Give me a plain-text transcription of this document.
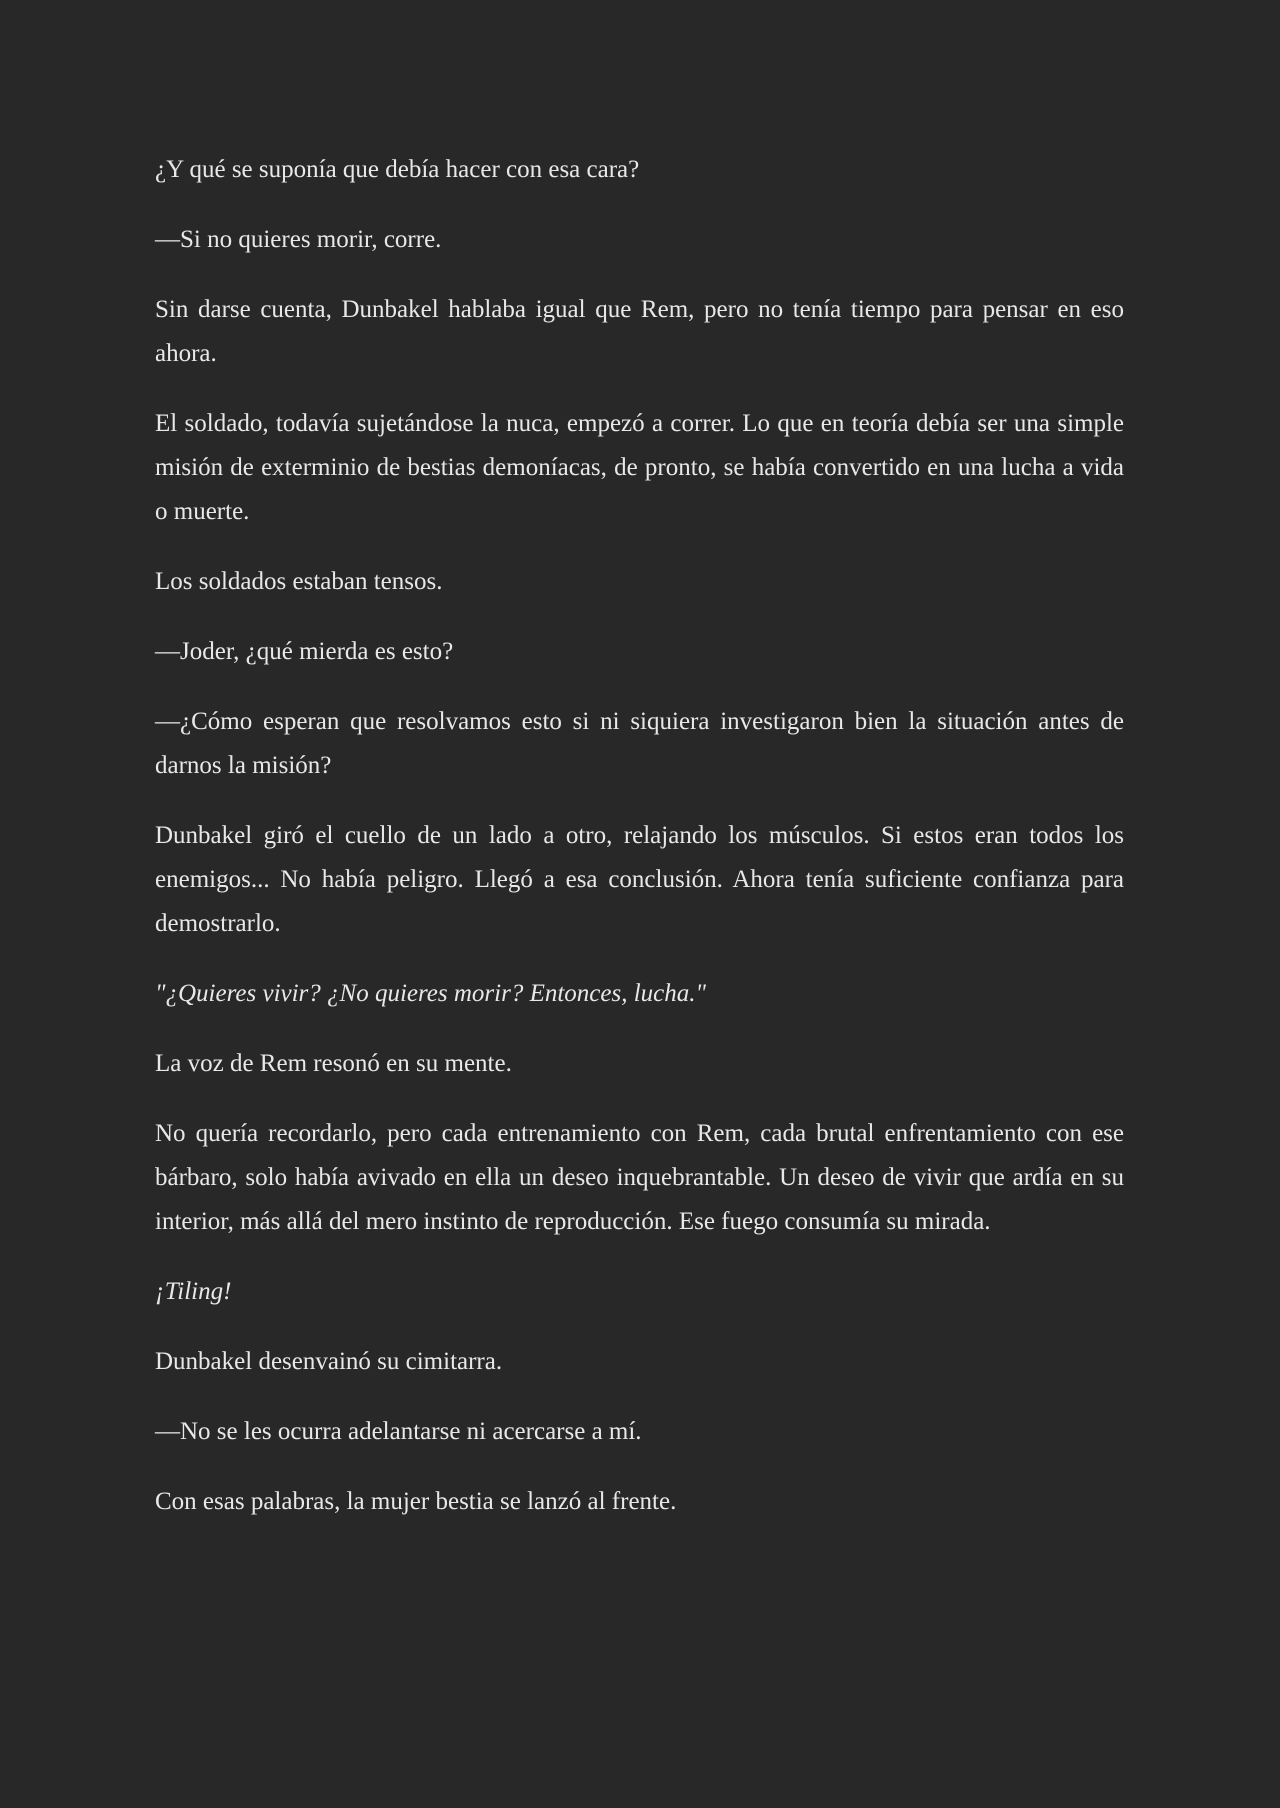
¿Y qué se suponía que debía hacer con esa cara?

—Si no quieres morir, corre.

Sin darse cuenta, Dunbakel hablaba igual que Rem, pero no tenía tiempo para pensar en eso ahora.

El soldado, todavía sujetándose la nuca, empezó a correr. Lo que en teoría debía ser una simple misión de exterminio de bestias demoníacas, de pronto, se había convertido en una lucha a vida o muerte.

Los soldados estaban tensos.

—Joder, ¿qué mierda es esto?

—¿Cómo esperan que resolvamos esto si ni siquiera investigaron bien la situación antes de darnos la misión?

Dunbakel giró el cuello de un lado a otro, relajando los músculos. Si estos eran todos los enemigos... No había peligro. Llegó a esa conclusión. Ahora tenía suficiente confianza para demostrarlo.

"¿Quieres vivir? ¿No quieres morir? Entonces, lucha."

La voz de Rem resonó en su mente.

No quería recordarlo, pero cada entrenamiento con Rem, cada brutal enfrentamiento con ese bárbaro, solo había avivado en ella un deseo inquebrantable. Un deseo de vivir que ardía en su interior, más allá del mero instinto de reproducción. Ese fuego consumía su mirada.

¡Tiling!

Dunbakel desenvainó su cimitarra.

—No se les ocurra adelantarse ni acercarse a mí.

Con esas palabras, la mujer bestia se lanzó al frente.
